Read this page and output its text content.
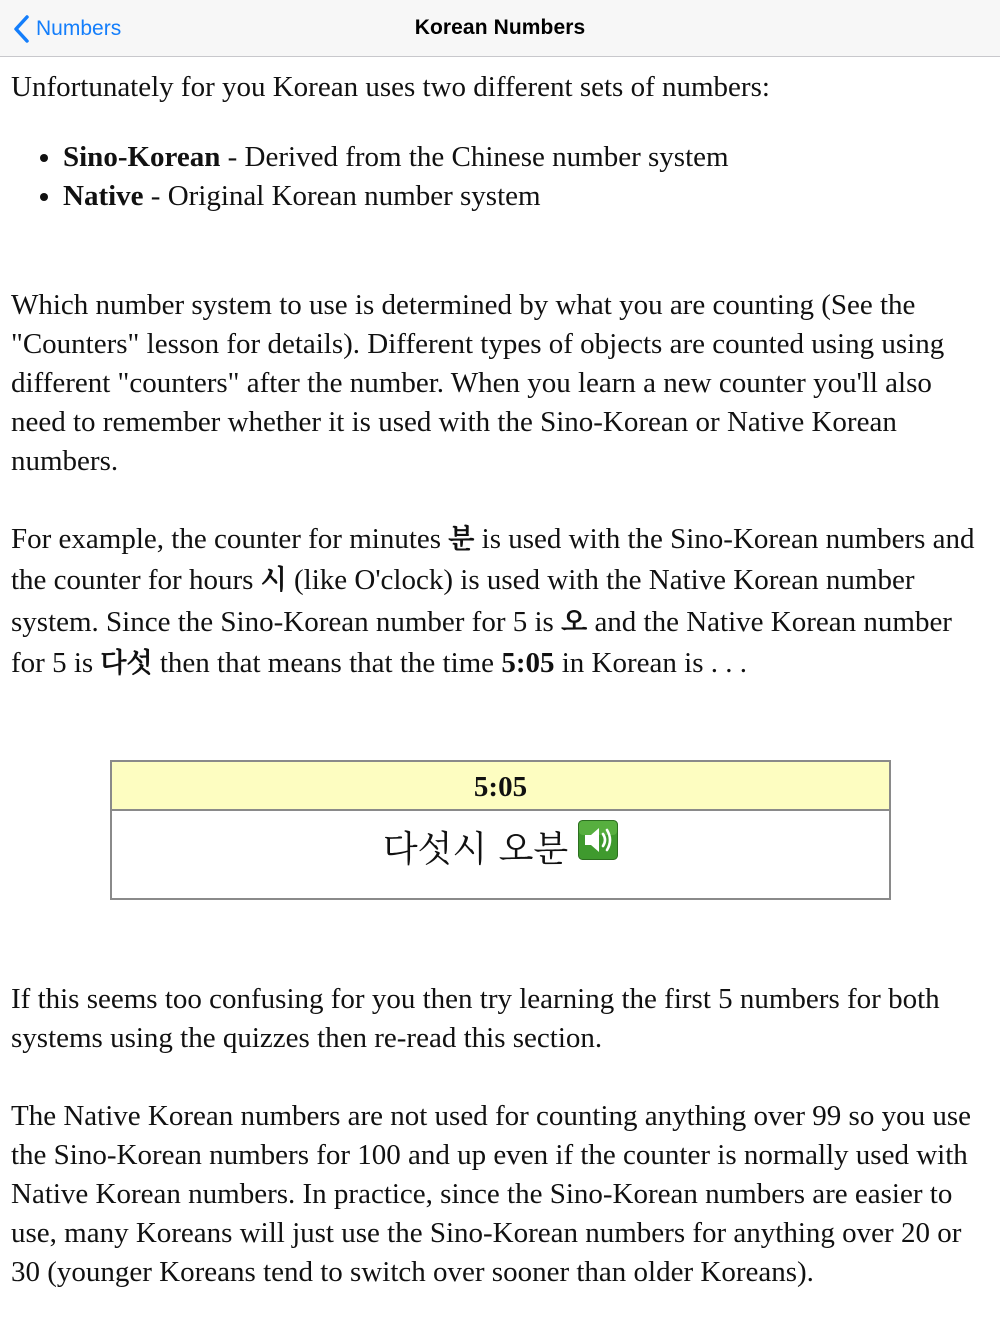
Numbers	Korean Numbers

Unfortunately for you Korean uses two different sets of numbers:

• Sino-Korean - Derived from the Chinese number system
• Native - Original Korean number system

Which number system to use is determined by what you are counting (See the "Counters" lesson for details). Different types of objects are counted using using different "counters" after the number. When you learn a new counter you'll also need to remember whether it is used with the Sino-Korean or Native Korean numbers.

For example, the counter for minutes 분 is used with the Sino-Korean numbers and the counter for hours 시 (like O'clock) is used with the Native Korean number system. Since the Sino-Korean number for 5 is 오 and the Native Korean number for 5 is 다섯 then that means that the time 5:05 in Korean is . . .

5:05
다섯시 오분

If this seems too confusing for you then try learning the first 5 numbers for both systems using the quizzes then re-read this section.

The Native Korean numbers are not used for counting anything over 99 so you use the Sino-Korean numbers for 100 and up even if the counter is normally used with Native Korean numbers. In practice, since the Sino-Korean numbers are easier to use, many Koreans will just use the Sino-Korean numbers for anything over 20 or 30 (younger Koreans tend to switch over sooner than older Koreans).
